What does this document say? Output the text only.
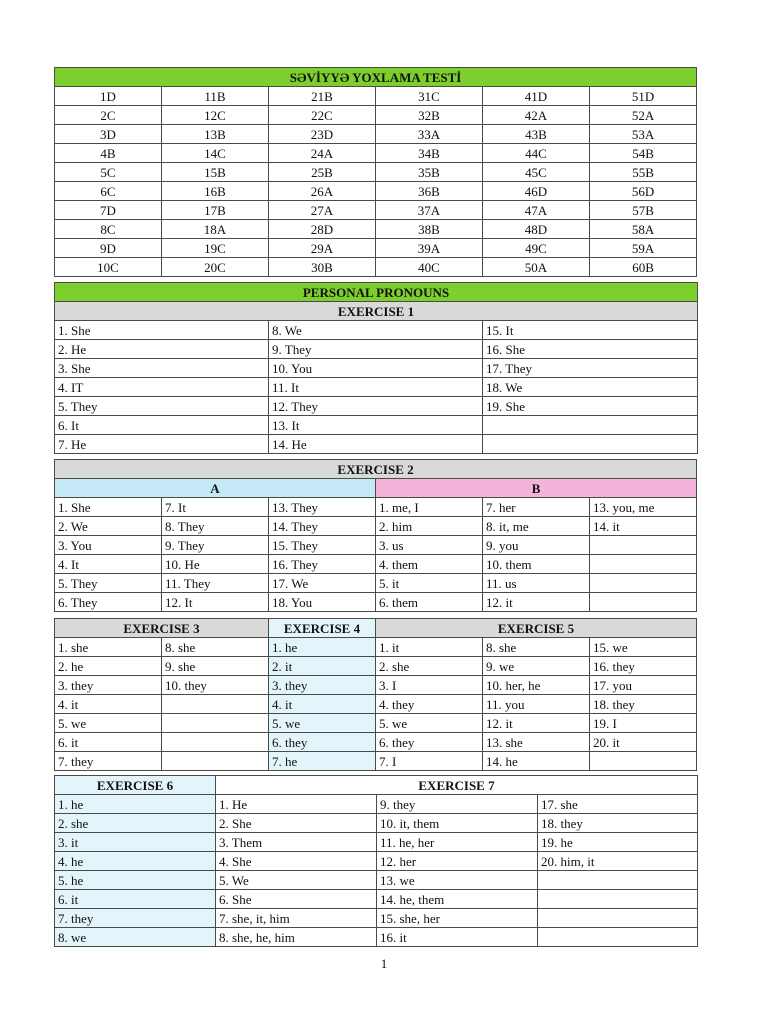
SƏVİYYƏ YOXLAMA TESTİ					
1D	11B	21B	31C	41D	51D
2C	12C	22C	32B	42A	52A
3D	13B	23D	33A	43B	53A
4B	14C	24A	34B	44C	54B
5C	15B	25B	35B	45C	55B
6C	16B	26A	36B	46D	56D
7D	17B	27A	37A	47A	57B
8C	18A	28D	38B	48D	58A
9D	19C	29A	39A	49C	59A
10C	20C	30B	40C	50A	60B
PERSONAL PRONOUNS		
EXERCISE 1		
1. She	8. We	15. It
2. He	9. They	16. She
3. She	10. You	17. They
4. IT	11. It	18. We
5. They	12. They	19. She
6. It	13. It	
7. He	14. He	
EXERCISE 2					
A			B		
1. She	7. It	13. They	1. me, I	7. her	13. you, me
2. We	8. They	14. They	2. him	8. it, me	14. it
3. You	9. They	15. They	3. us	9. you	
4. It	10. He	16. They	4. them	10. them	
5. They	11. They	17. We	5. it	11. us	
6. They	12. It	18. You	6. them	12. it	
EXERCISE 3		EXERCISE 4	EXERCISE 5		
1. she	8. she	1. he	1. it	8. she	15. we
2. he	9. she	2. it	2. she	9. we	16. they
3. they	10. they	3. they	3. I	10. her, he	17. you
4. it		4. it	4. they	11. you	18. they
5. we		5. we	5. we	12. it	19. I
6. it		6. they	6. they	13. she	20. it
7. they		7. he	7. I	14. he	
EXERCISE 6	EXERCISE 7		
1. he	1. He	9. they	17. she
2. she	2. She	10. it, them	18. they
3. it	3. Them	11. he, her	19. he
4. he	4. She	12. her	20. him, it
5. he	5. We	13. we	
6. it	6. She	14. he, them	
7. they	7. she, it, him	15. she, her	
8. we	8. she, he, him	16. it	
1
